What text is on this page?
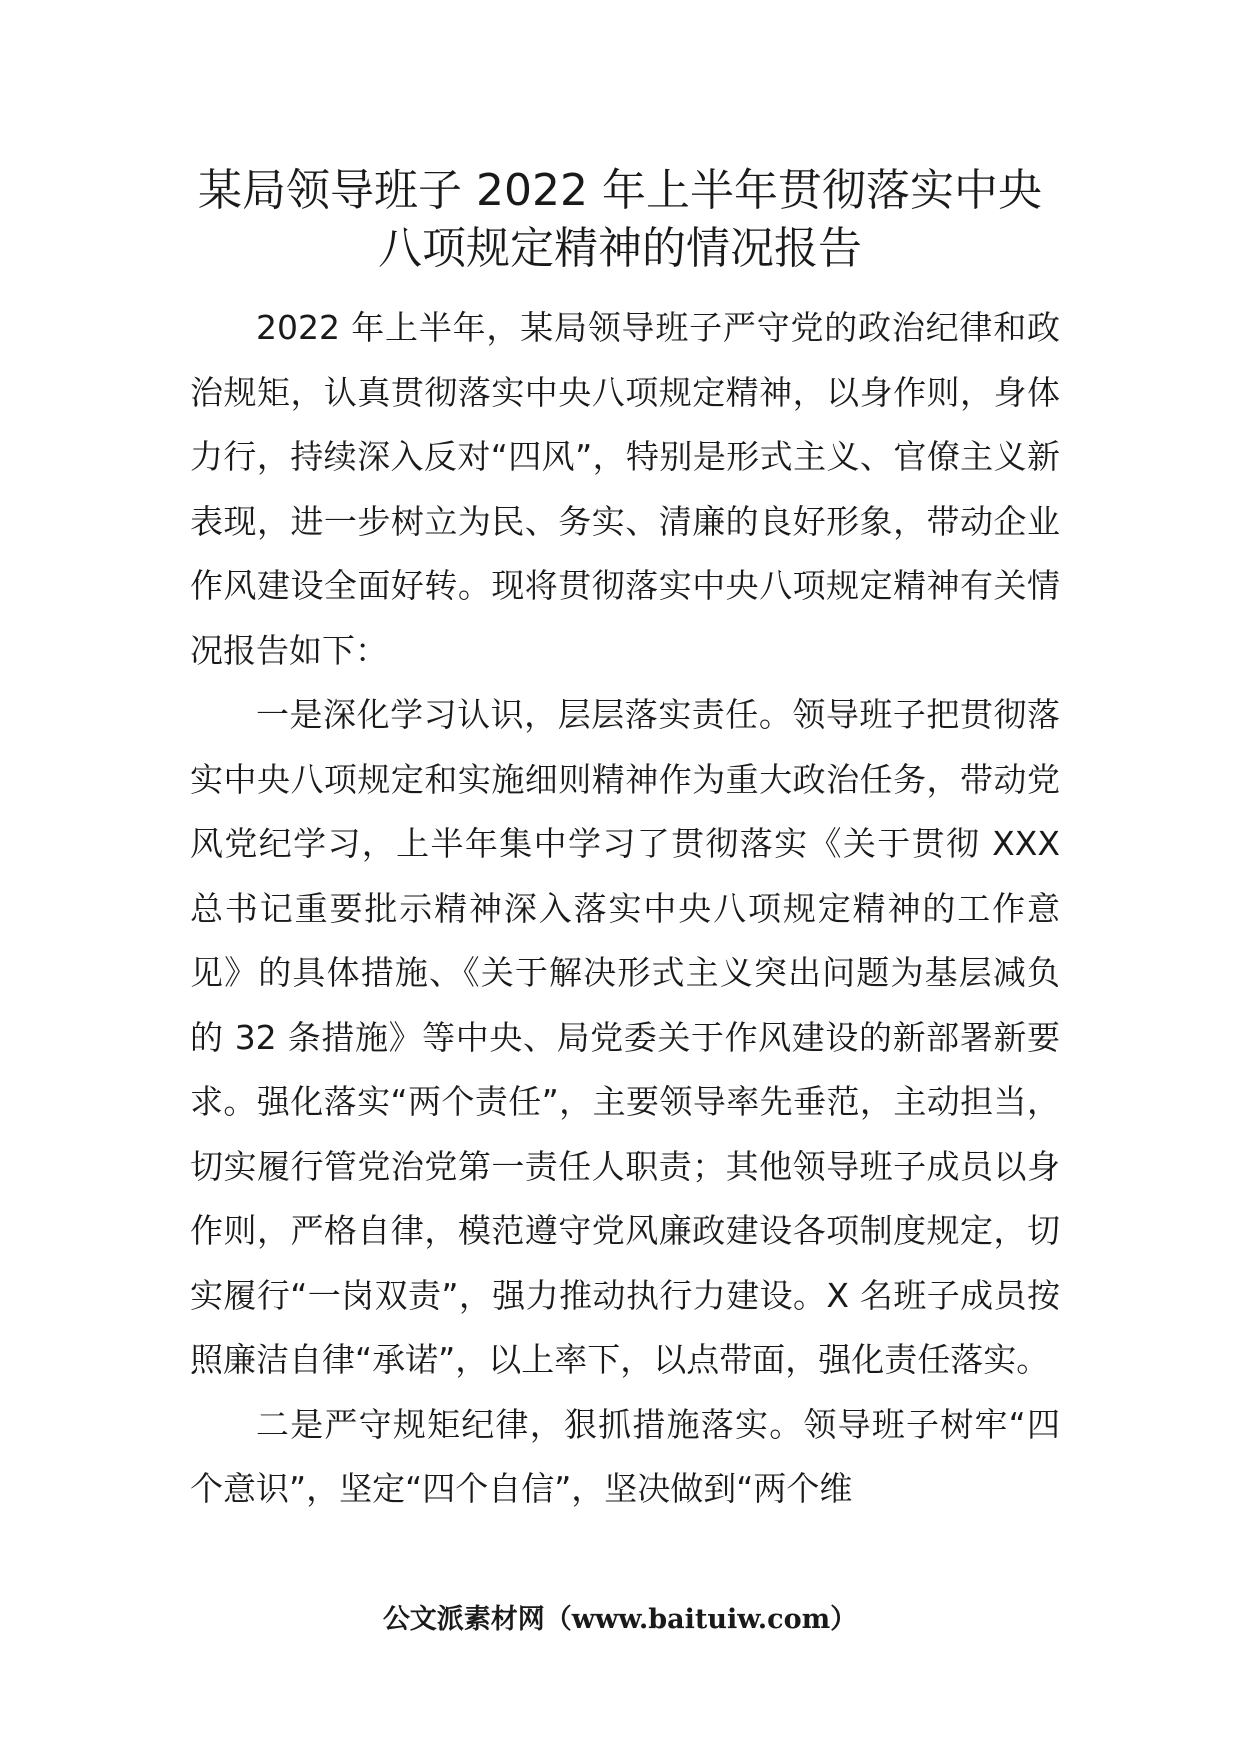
某局领导班子 2022 年上半年贯彻落实中央
八项规定精神的情况报告

2022 年上半年，某局领导班子严守党的政治纪律和政治规矩，认真贯彻落实中央八项规定精神，以身作则，身体力行，持续深入反对“四风”，特别是形式主义、官僚主义新表现，进一步树立为民、务实、清廉的良好形象，带动企业作风建设全面好转。现将贯彻落实中央八项规定精神有关情况报告如下：

一是深化学习认识，层层落实责任。领导班子把贯彻落实中央八项规定和实施细则精神作为重大政治任务，带动党风党纪学习，上半年集中学习了贯彻落实《关于贯彻 XXX 总书记重要批示精神深入落实中央八项规定精神的工作意见》的具体措施、《关于解决形式主义突出问题为基层减负的 32 条措施》等中央、局党委关于作风建设的新部署新要求。强化落实“两个责任”，主要领导率先垂范，主动担当，切实履行管党治党第一责任人职责；其他领导班子成员以身作则，严格自律，模范遵守党风廉政建设各项制度规定，切实履行“一岗双责”，强力推动执行力建设。X 名班子成员按照廉洁自律“承诺”，以上率下，以点带面，强化责任落实。

二是严守规矩纪律，狠抓措施落实。领导班子树牢“四个意识”，坚定“四个自信”，坚决做到“两个维

公文派素材网（www.baituiw.com）
